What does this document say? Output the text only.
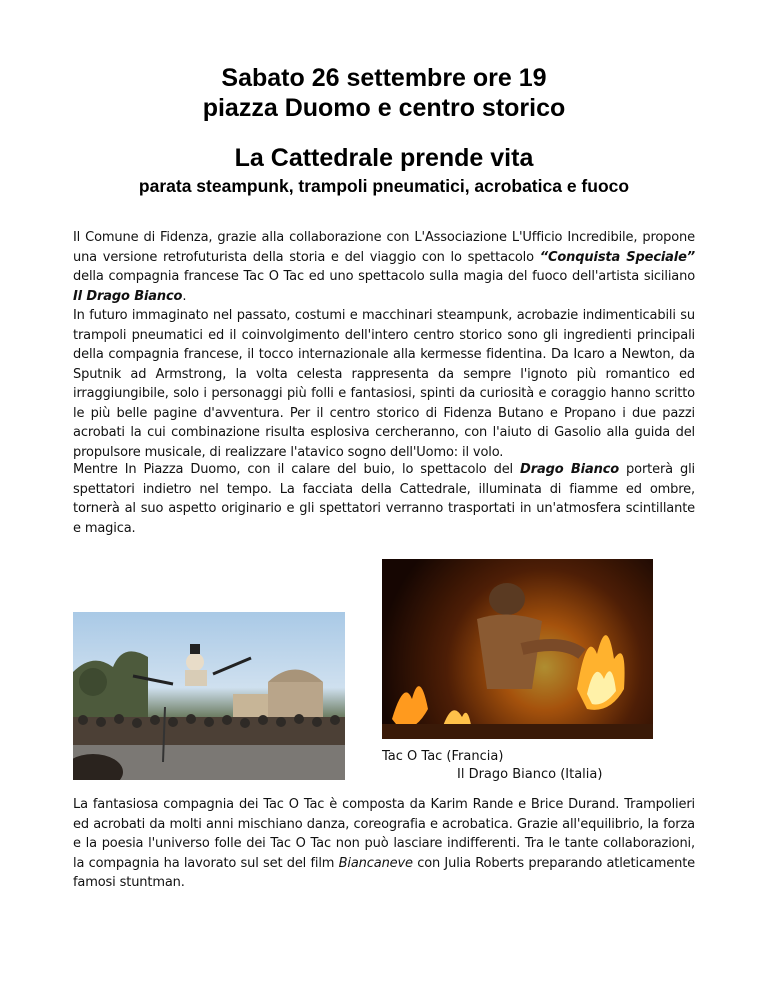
Sabato 26 settembre ore 19
piazza Duomo e centro storico
La Cattedrale prende vita
parata steampunk, trampoli pneumatici, acrobatica e fuoco

Il Comune di Fidenza, grazie alla collaborazione con L'Associazione L'Ufficio Incredibile, propone una versione retrofuturista della storia e del viaggio con lo spettacolo “Conquista Speciale” della compagnia francese Tac O Tac ed uno spettacolo sulla magia del fuoco dell'artista siciliano Il Drago Bianco.

In futuro immaginato nel passato, costumi e macchinari steampunk, acrobazie indimenticabili su trampoli pneumatici ed il coinvolgimento dell'intero centro storico sono gli ingredienti principali della compagnia francese, il tocco internazionale alla kermesse fidentina. Da Icaro a Newton, da Sputnik ad Armstrong, la volta celesta rappresenta da sempre l'ignoto più romantico ed irraggiungibile, solo i personaggi più folli e fantasiosi, spinti da curiosità e coraggio hanno scritto le più belle pagine d'avventura. Per il centro storico di Fidenza Butano e Propano i due pazzi acrobati la cui combinazione risulta esplosiva cercheranno, con l'aiuto di Gasolio alla guida del propulsore musicale, di realizzare l'atavico sogno dell'Uomo: il volo.

Mentre In Piazza Duomo, con il calare del buio, lo spettacolo del Drago Bianco porterà gli spettatori indietro nel tempo. La facciata della Cattedrale, illuminata di fiamme ed ombre, tornerà al suo aspetto originario e gli spettatori verranno trasportati in un'atmosfera scintillante e magica.

Tac O Tac (Francia)

Il Drago Bianco (Italia)

La fantasiosa compagnia dei Tac O Tac è composta da Karim Rande e Brice Durand. Trampolieri ed acrobati da molti anni mischiano danza, coreografia e acrobatica. Grazie all'equilibrio, la forza e la poesia l'universo folle dei Tac O Tac non può lasciare indifferenti. Tra le tante collaborazioni, la compagnia ha lavorato sul set del film Biancaneve con Julia Roberts preparando atleticamente famosi stuntman.
